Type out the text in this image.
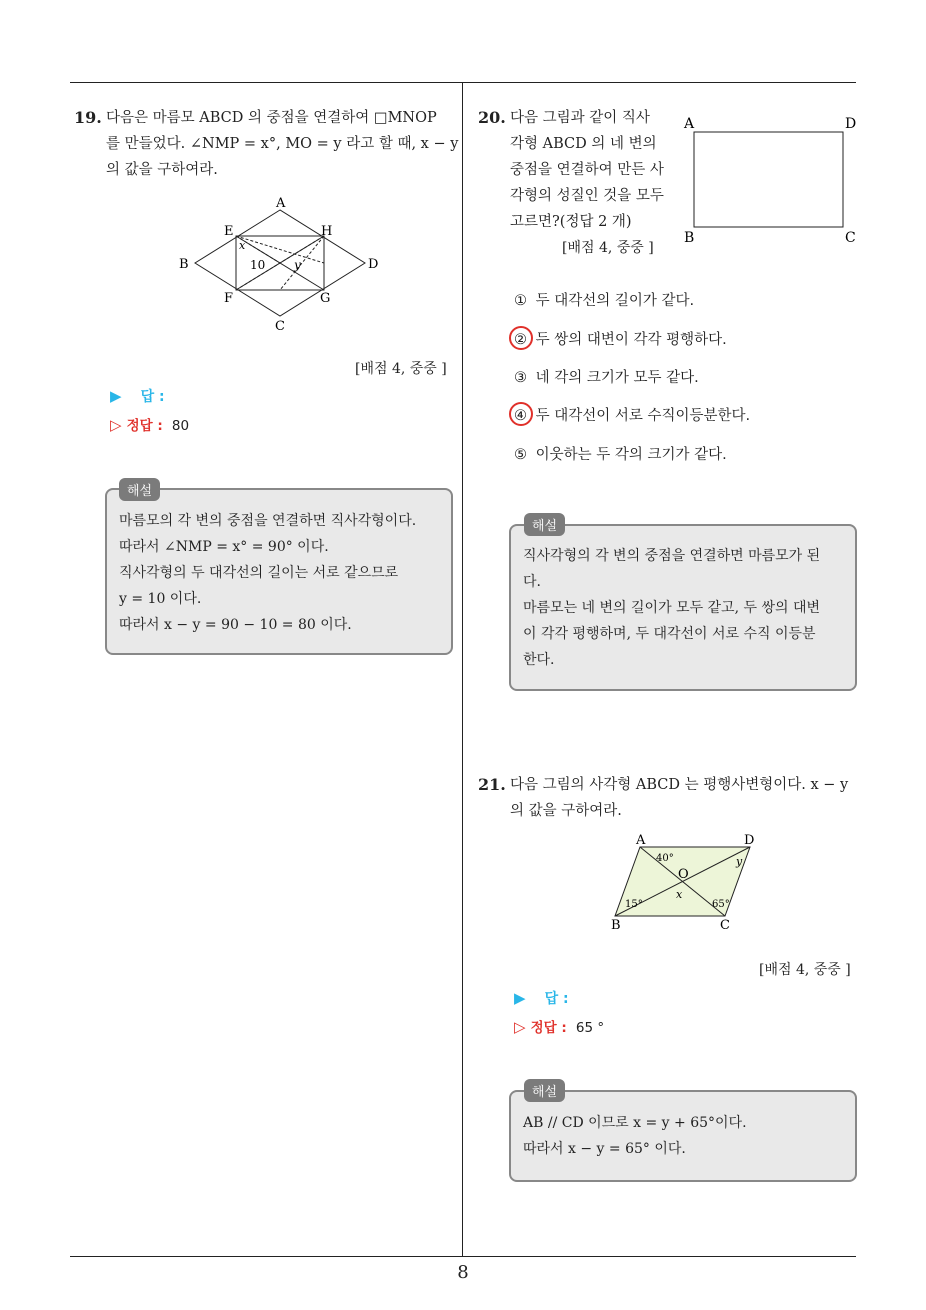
8
19. 다음은 마름모 ABCD 의 중점을 연결하여 □MNOP
를 만들었다. ∠NMP = x°, MO = y 라고 할 때, x − y
의 값을 구하여라.
A
B
C
D
E
F	G
H
x
y
10
[배점 4, 중중 ]
▶ 답 :
▷ 정답 : 80
해설
마름모의 각 변의 중점을 연결하면 직사각형이다.
따라서 ∠NMP = x° = 90° 이다.
직사각형의 두 대각선의 길이는 서로 같으므로
y = 10 이다.
따라서 x − y = 90 − 10 = 80 이다.
20. 다음 그림과 같이 직사
각형 ABCD 의 네 변의
중점을 연결하여 만든 사
각형의 성질인 것을 모두
고르면?(정답 2 개)
[배점 4, 중중 ]
A
B	C
D
① 두 대각선의 길이가 같다.
② 두 쌍의 대변이 각각 평행하다.
③ 네 각의 크기가 모두 같다.
④ 두 대각선이 서로 수직이등분한다.
⑤ 이웃하는 두 각의 크기가 같다.
해설
직사각형의 각 변의 중점을 연결하면 마름모가 된
다.
마름모는 네 변의 길이가 모두 같고, 두 쌍의 대변
이 각각 평행하며, 두 대각선이 서로 수직 이등분
한다.
21. 다음 그림의 사각형 ABCD 는 평행사변형이다. x − y
의 값을 구하여라.
A
B	C
D
O
40°
15°	65°
x
y
[배점 4, 중중 ]
▶ 답 :
▷ 정답 : 65 °
해설
AB // CD 이므로 x = y + 65°이다.
따라서 x − y = 65° 이다.
